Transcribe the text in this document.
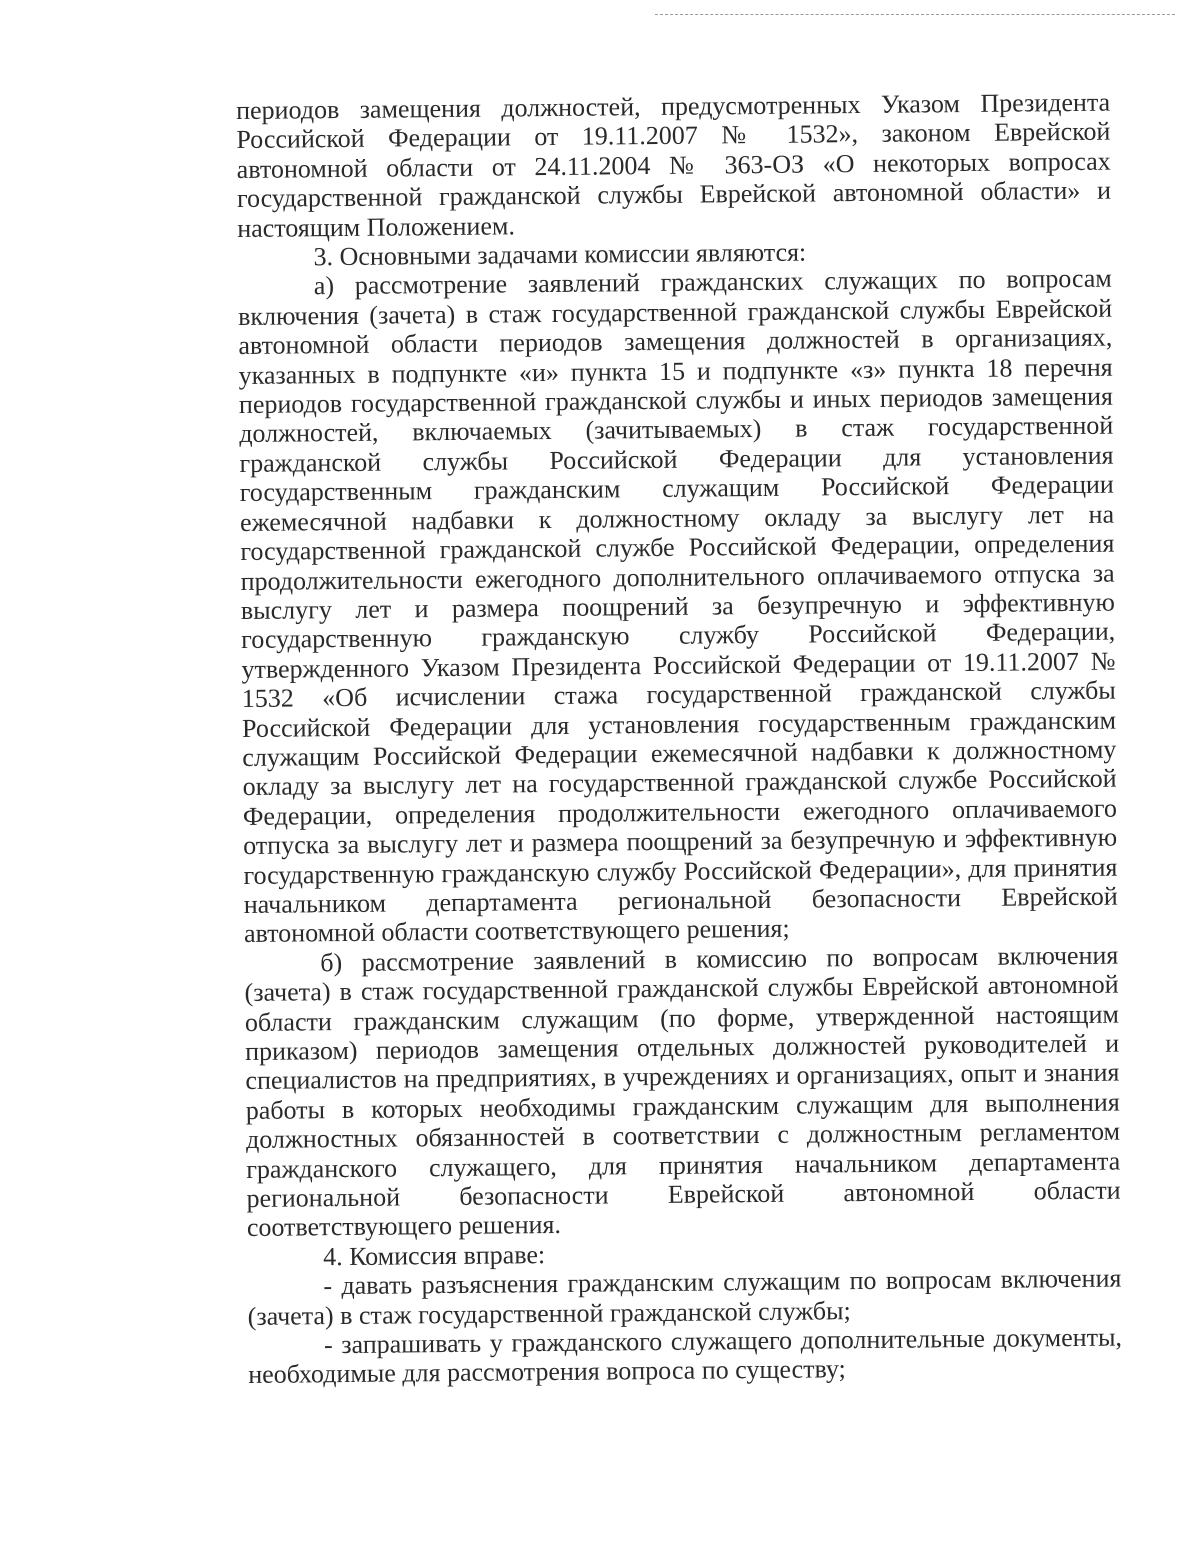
периодов замещения должностей, предусмотренных Указом Президента Российской Федерации от 19.11.2007 № 1532», законом Еврейской автономной области от 24.11.2004 № 363-ОЗ «О некоторых вопросах государственной гражданской службы Еврейской автономной области» и настоящим Положением.

3. Основными задачами комиссии являются:

а) рассмотрение заявлений гражданских служащих по вопросам включения (зачета) в стаж государственной гражданской службы Еврейской автономной области периодов замещения должностей в организациях, указанных в подпункте «и» пункта 15 и подпункте «з» пункта 18 перечня периодов государственной гражданской службы и иных периодов замещения должностей, включаемых (зачитываемых) в стаж государственной гражданской службы Российской Федерации для установления государственным гражданским служащим Российской Федерации ежемесячной надбавки к должностному окладу за выслугу лет на государственной гражданской службе Российской Федерации, определения продолжительности ежегодного дополнительного оплачиваемого отпуска за выслугу лет и размера поощрений за безупречную и эффективную государственную гражданскую службу Российской Федерации, утвержденного Указом Президента Российской Федерации от 19.11.2007 № 1532 «Об исчислении стажа государственной гражданской службы Российской Федерации для установления государственным гражданским служащим Российской Федерации ежемесячной надбавки к должностному окладу за выслугу лет на государственной гражданской службе Российской Федерации, определения продолжительности ежегодного оплачиваемого отпуска за выслугу лет и размера поощрений за безупречную и эффективную государственную гражданскую службу Российской Федерации», для принятия начальником департамента региональной безопасности Еврейской автономной области соответствующего решения;

б) рассмотрение заявлений в комиссию по вопросам включения (зачета) в стаж государственной гражданской службы Еврейской автономной области гражданским служащим (по форме, утвержденной настоящим приказом) периодов замещения отдельных должностей руководителей и специалистов на предприятиях, в учреждениях и организациях, опыт и знания работы в которых необходимы гражданским служащим для выполнения должностных обязанностей в соответствии с должностным регламентом гражданского служащего, для принятия начальником департамента региональной безопасности Еврейской автономной области соответствующего решения.

4. Комиссия вправе:

- давать разъяснения гражданским служащим по вопросам включения (зачета) в стаж государственной гражданской службы;

- запрашивать у гражданского служащего дополнительные документы, необходимые для рассмотрения вопроса по существу;
